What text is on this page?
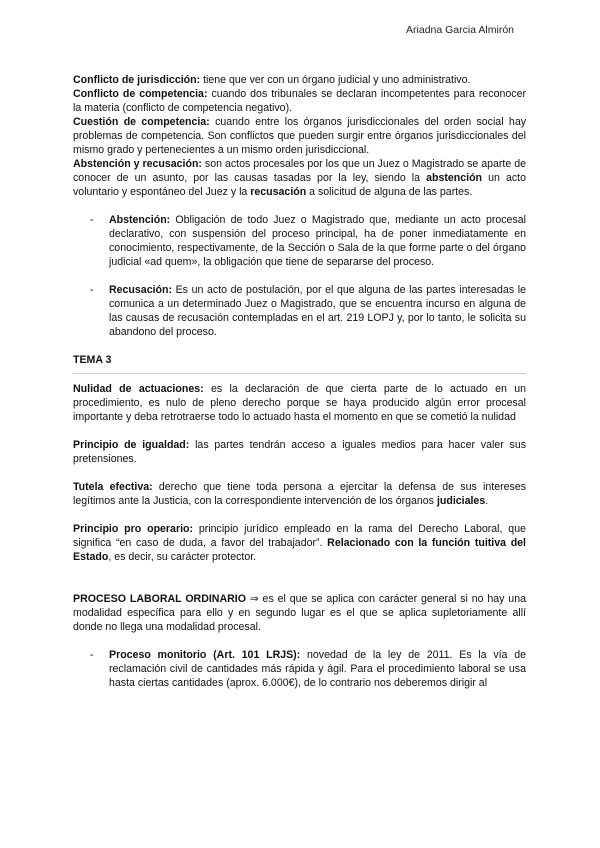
Ariadna Garcia Almirón

Conflicto de jurisdicción: tiene que ver con un órgano judicial y uno administrativo.

Conflicto de competencia: cuando dos tribunales se declaran incompetentes para reconocer la materia (conflicto de competencia negativo).

Cuestión de competencia: cuando entre los órganos jurisdiccionales del orden social hay problemas de competencia. Son conflictos que pueden surgir entre órganos jurisdiccionales del mismo grado y pertenecientes a un mismo orden jurisdiccional.

Abstención y recusación: son actos procesales por los que un Juez o Magistrado se aparte de conocer de un asunto, por las causas tasadas por la ley, siendo la abstención un acto voluntario y espontáneo del Juez y la recusación a solicitud de alguna de las partes.

- Abstención: Obligación de todo Juez o Magistrado que, mediante un acto procesal declarativo, con suspensión del proceso principal, ha de poner inmediatamente en conocimiento, respectivamente, de la Sección o Sala de la que forme parte o del órgano judicial «ad quem», la obligación que tiene de separarse del proceso.
- Recusación: Es un acto de postulación, por el que alguna de las partes interesadas le comunica a un determinado Juez o Magistrado, que se encuentra incurso en alguna de las causas de recusación contempladas en el art. 219 LOPJ y, por lo tanto, le solicita su abandono del proceso.

TEMA 3

Nulidad de actuaciones: es la declaración de que cierta parte de lo actuado en un procedimiento, es nulo de pleno derecho porque se haya producido algún error procesal importante y deba retrotraerse todo lo actuado hasta el momento en que se cometió la nulidad

Principio de igualdad: las partes tendrán acceso a iguales medios para hacer valer sus pretensiones.

Tutela efectiva: derecho que tiene toda persona a ejercitar la defensa de sus intereses legítimos ante la Justicia, con la correspondiente intervención de los órganos judiciales.

Principio pro operario: principio jurídico empleado en la rama del Derecho Laboral, que significa “en caso de duda, a favor del trabajador”. Relacionado con la función tuitiva del Estado, es decir, su carácter protector.

PROCESO LABORAL ORDINARIO ⇒ es el que se aplica con carácter general si no hay una modalidad específica para ello y en segundo lugar es el que se aplica supletoriamente allí donde no llega una modalidad procesal.

- Proceso monitorio (Art. 101 LRJS): novedad de la ley de 2011. Es la vía de reclamación civil de cantidades más rápida y ágil. Para el procedimiento laboral se usa hasta ciertas cantidades (aprox. 6.000€), de lo contrario nos deberemos dirigir al
